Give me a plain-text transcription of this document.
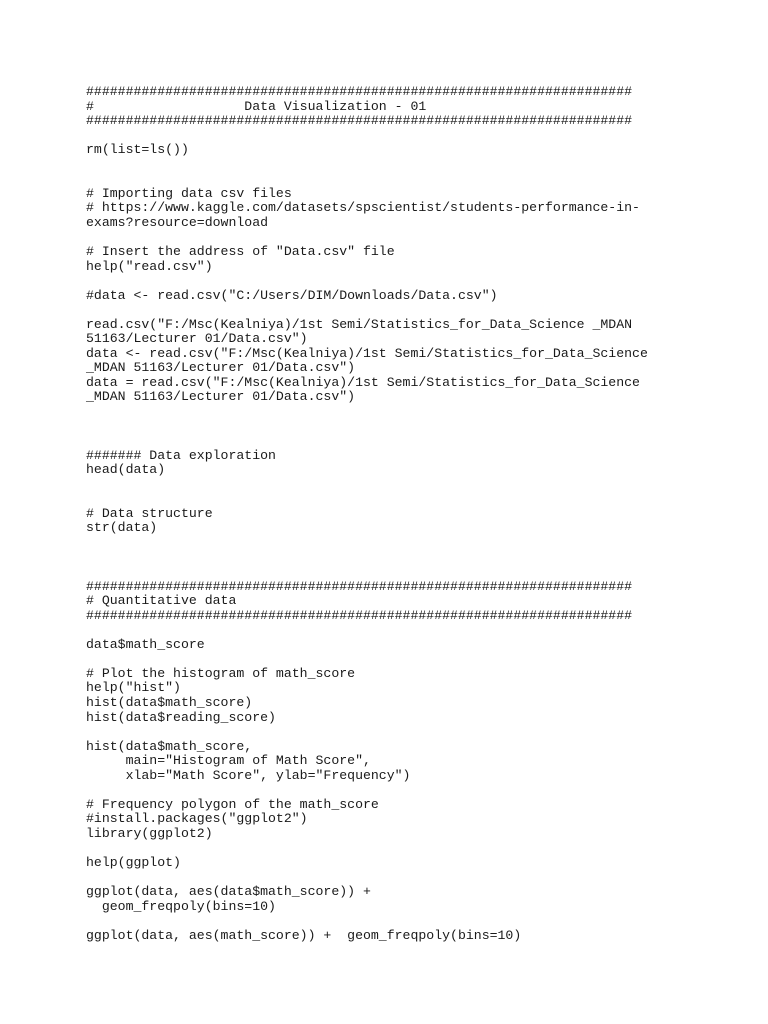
#####################################################################
#                   Data Visualization - 01
#####################################################################
rm(list=ls())
# Importing data csv files
# https://www.kaggle.com/datasets/spscientist/students-performance-in-
exams?resource=download
# Insert the address of "Data.csv" file
help("read.csv")
#data <- read.csv("C:/Users/DIM/Downloads/Data.csv")
read.csv("F:/Msc(Kealniya)/1st Semi/Statistics_for_Data_Science _MDAN
51163/Lecturer 01/Data.csv")
data <- read.csv("F:/Msc(Kealniya)/1st Semi/Statistics_for_Data_Science
_MDAN 51163/Lecturer 01/Data.csv")
data = read.csv("F:/Msc(Kealniya)/1st Semi/Statistics_for_Data_Science
_MDAN 51163/Lecturer 01/Data.csv")
####### Data exploration
head(data)
# Data structure
str(data)
#####################################################################
# Quantitative data
#####################################################################
data$math_score
# Plot the histogram of math_score
help("hist")
hist(data$math_score)
hist(data$reading_score)
hist(data$math_score,
main="Histogram of Math Score",
xlab="Math Score", ylab="Frequency")
# Frequency polygon of the math_score
#install.packages("ggplot2")
library(ggplot2)
help(ggplot)
ggplot(data, aes(data$math_score)) +
geom_freqpoly(bins=10)
ggplot(data, aes(math_score)) +  geom_freqpoly(bins=10)
